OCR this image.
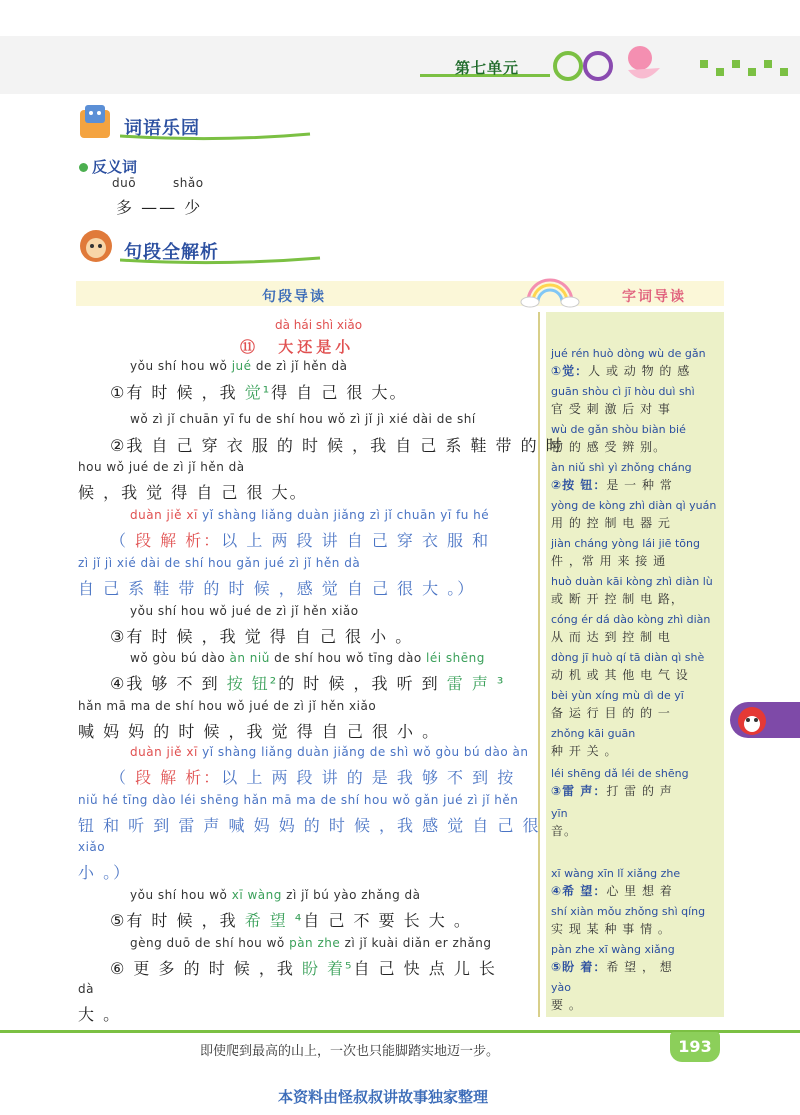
第七单元
词语乐园
反义词
duō	shǎo
多 —— 少
句段全解析
句段导读	字词导读
dà hái shì xiǎo
⑪ 大还是小
yǒu shí hou wǒ jué de zì jǐ hěn dà
①有 时 候 ，我 觉¹得 自 己 很 大。
wǒ zì jǐ chuān yī fu de shí hou wǒ zì jǐ jì xié dài de shí
②我 自 己 穿 衣 服 的 时 候 ，我 自 己 系 鞋 带 的 时
hou wǒ jué de zì jǐ hěn dà
候 ，我 觉 得 自 己 很 大。
duàn jiě xī yǐ shàng liǎng duàn jiǎng zì jǐ chuān yī fu hé
（ 段 解 析：以 上 两 段 讲 自 己 穿 衣 服 和
zì jǐ jì xié dài de shí hou gǎn jué zì jǐ hěn dà
自 己 系 鞋 带 的 时 候 ，感 觉 自 己 很 大 。）
yǒu shí hou wǒ jué de zì jǐ hěn xiǎo
③有 时 候 ，我 觉 得 自 己 很 小 。
wǒ gòu bú dào àn niǔ de shí hou wǒ tīng dào léi shēng
④我 够 不 到 按 钮²的 时 候 ，我 听 到 雷 声 ³
hǎn mā ma de shí hou wǒ jué de zì jǐ hěn xiǎo
喊 妈 妈 的 时 候 ，我 觉 得 自 己 很 小 。
duàn jiě xī yǐ shàng liǎng duàn jiǎng de shì wǒ gòu bú dào àn
（ 段 解 析：以 上 两 段 讲 的 是 我 够 不 到 按
niǔ hé tīng dào léi shēng hǎn mā ma de shí hou wǒ gǎn jué zì jǐ hěn
钮 和 听 到 雷 声 喊 妈 妈 的 时 候 ，我 感 觉 自 己 很
xiǎo
小 。）
yǒu shí hou wǒ xī wàng zì jǐ bú yào zhǎng dà
⑤有 时 候 ，我 希 望 ⁴自 己 不 要 长 大 。
gèng duō de shí hou wǒ pàn zhe zì jǐ kuài diǎn er zhǎng
⑥ 更 多 的 时 候 ，我 盼 着⁵自 己 快 点 儿 长
dà
大 。
jué rén huò dòng wù de gǎn
①觉：人 或 动 物 的 感
guān shòu cì jī hòu duì shì
官 受 刺 激 后 对 事
wù de gǎn shòu biàn bié
物 的 感 受 辨 别。
àn niǔ shì yì zhǒng cháng
②按 钮：是 一 种 常
yòng de kòng zhì diàn qì yuán
用 的 控 制 电 器 元
jiàn cháng yòng lái jiē tōng
件 ，常 用 来 接 通
huò duàn kāi kòng zhì diàn lù
或 断 开 控 制 电 路，
cóng ér dá dào kòng zhì diàn
从 而 达 到 控 制 电
dòng jī huò qí tā diàn qì shè
动 机 或 其 他 电 气 设
bèi yùn xíng mù dì de yī
备 运 行 目 的 的 一
zhǒng kāi guān
种 开 关 。
léi shēng dǎ léi de shēng
③雷 声：打 雷 的 声
yīn
音。
xī wàng xīn lǐ xiǎng zhe
④希 望：心 里 想 着
shí xiàn mǒu zhǒng shì qíng
实 现 某 种 事 情 。
pàn zhe xī wàng xiǎng
⑤盼 着：希 望 ， 想
yào
要 。
即使爬到最高的山上，一次也只能脚踏实地迈一步。	193
本资料由怪叔叔讲故事独家整理
